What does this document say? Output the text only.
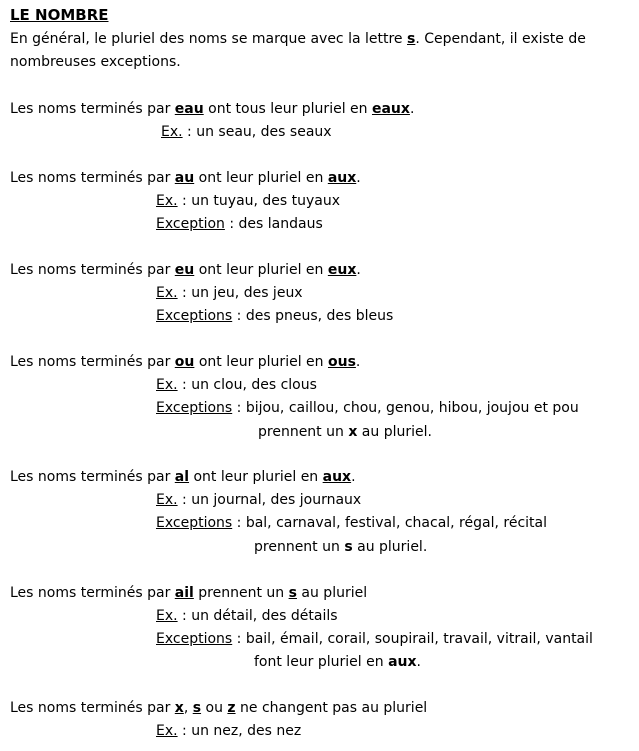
LE NOMBRE
En général, le pluriel des noms se marque avec la lettre s. Cependant, il existe de
nombreuses exceptions.
Les noms terminés par eau ont tous leur pluriel en eaux.
Ex. : un seau, des seaux
Les noms terminés par au ont leur pluriel en aux.
Ex. : un tuyau, des tuyaux
Exception : des landaus
Les noms terminés par eu ont leur pluriel en eux.
Ex. : un jeu, des jeux
Exceptions : des pneus, des bleus
Les noms terminés par ou ont leur pluriel en ous.
Ex. : un clou, des clous
Exceptions : bijou, caillou, chou, genou, hibou, joujou et pou
prennent un x au pluriel.
Les noms terminés par al ont leur pluriel en aux.
Ex. : un journal, des journaux
Exceptions : bal, carnaval, festival, chacal, régal, récital
prennent un s au pluriel.
Les noms terminés par ail prennent un s au pluriel
Ex. : un détail, des détails
Exceptions : bail, émail, corail, soupirail, travail, vitrail, vantail
font leur pluriel en aux.
Les noms terminés par x, s ou z ne changent pas au pluriel
Ex. : un nez, des nez
